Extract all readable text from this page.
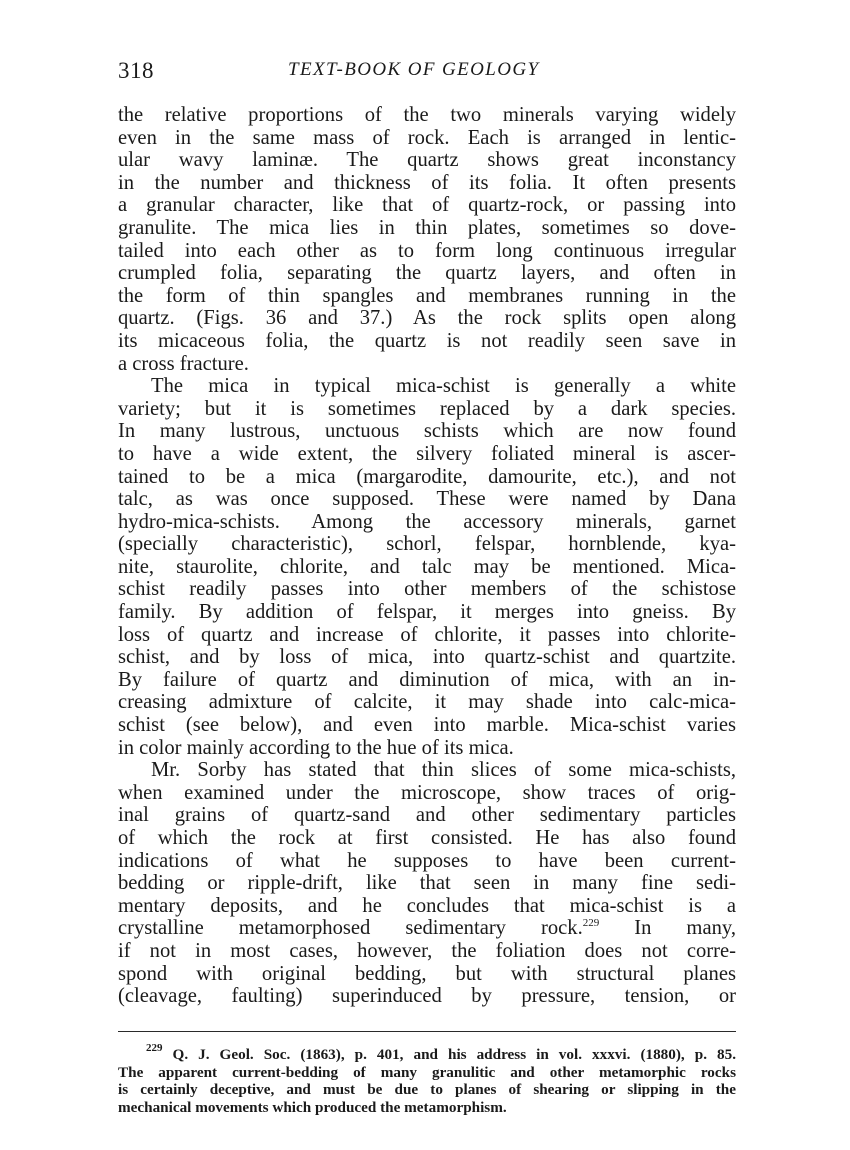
318	TEXT-BOOK OF GEOLOGY
the relative proportions of the two minerals varying widely
even in the same mass of rock. Each is arranged in lentic-
ular wavy laminæ. The quartz shows great inconstancy
in the number and thickness of its folia. It often presents
a granular character, like that of quartz-rock, or passing into
granulite. The mica lies in thin plates, sometimes so dove-
tailed into each other as to form long continuous irregular
crumpled folia, separating the quartz layers, and often in
the form of thin spangles and membranes running in the
quartz. (Figs. 36 and 37.) As the rock splits open along
its micaceous folia, the quartz is not readily seen save in
a cross fracture.
The mica in typical mica-schist is generally a white
variety; but it is sometimes replaced by a dark species.
In many lustrous, unctuous schists which are now found
to have a wide extent, the silvery foliated mineral is ascer-
tained to be a mica (margarodite, damourite, etc.), and not
talc, as was once supposed. These were named by Dana
hydro-mica-schists. Among the accessory minerals, garnet
(specially characteristic), schorl, felspar, hornblende, kya-
nite, staurolite, chlorite, and talc may be mentioned. Mica-
schist readily passes into other members of the schistose
family. By addition of felspar, it merges into gneiss. By
loss of quartz and increase of chlorite, it passes into chlorite-
schist, and by loss of mica, into quartz-schist and quartzite.
By failure of quartz and diminution of mica, with an in-
creasing admixture of calcite, it may shade into calc-mica-
schist (see below), and even into marble. Mica-schist varies
in color mainly according to the hue of its mica.
Mr. Sorby has stated that thin slices of some mica-schists,
when examined under the microscope, show traces of orig-
inal grains of quartz-sand and other sedimentary particles
of which the rock at first consisted. He has also found
indications of what he supposes to have been current-
bedding or ripple-drift, like that seen in many fine sedi-
mentary deposits, and he concludes that mica-schist is a
crystalline metamorphosed sedimentary rock.$^{229}$ In many,
if not in most cases, however, the foliation does not corre-
spond with original bedding, but with structural planes
(cleavage, faulting) superinduced by pressure, tension, or
$^{229}$ Q. J. Geol. Soc. (1863), p. 401, and his address in vol. xxxvi. (1880), p. 85.
The apparent current-bedding of many granulitic and other metamorphic rocks
is certainly deceptive, and must be due to planes of shearing or slipping in the
mechanical movements which produced the metamorphism.
